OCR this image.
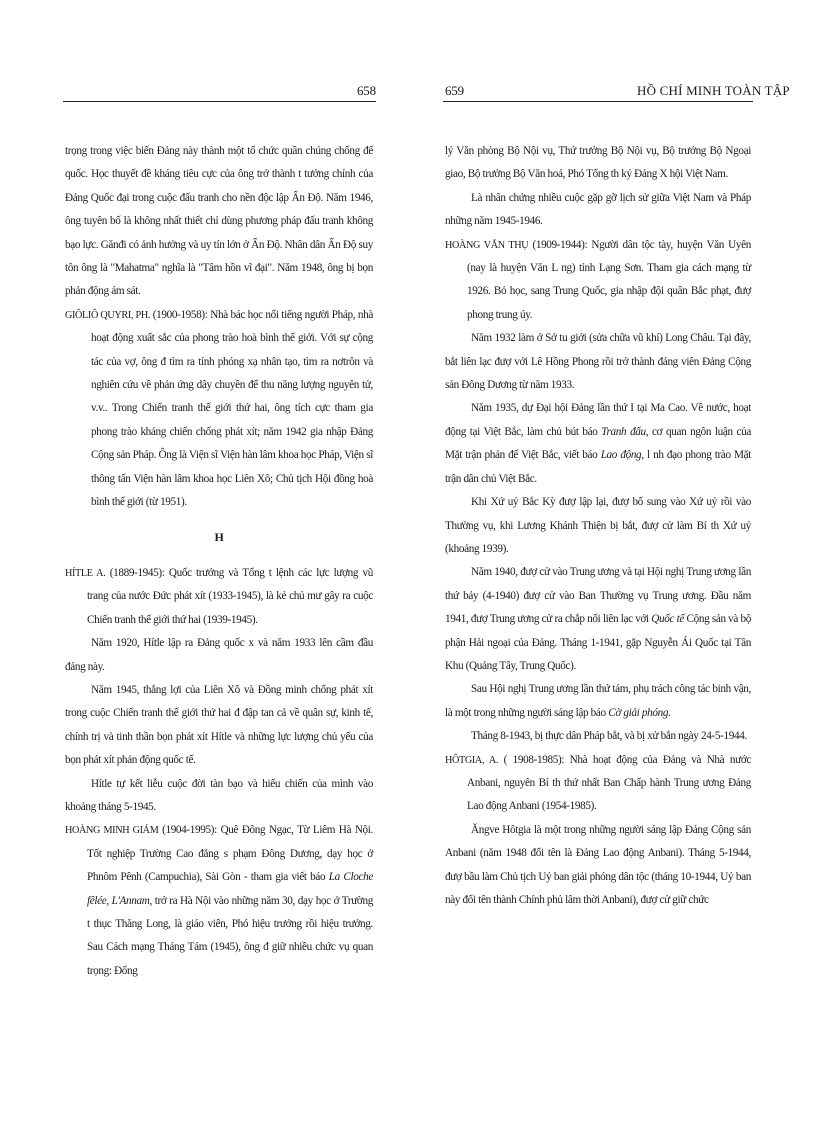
658	659	HỒ CHÍ MINH TOÀN TẬP

trọng trong việc biến Đảng này thành một tổ chức quần chúng chống đế quốc. Học thuyết đề kháng tiêu cực của ông trở thành t tưởng chính của Đảng Quốc đại trong cuộc đấu tranh cho nền độc lập Ấn Độ. Năm 1946, ông tuyên bố là không nhất thiết chỉ dùng phương pháp đấu tranh không bạo lực. Gănđi có ảnh hưởng và uy tín lớn ở Ấn Độ. Nhân dân Ấn Độ suy tôn ông là "Mahatma" nghĩa là "Tâm hồn vĩ đại". Năm 1948, ông bị bọn phản động ám sát.

GIÔLIÔ QUYRI, PH. (1900-1958): Nhà bác học nổi tiếng người Pháp, nhà hoạt động xuất sắc của phong trào hoà bình thế giới. Với sự cộng tác của vợ, ông đ tìm ra tính phóng xạ nhân tạo, tìm ra nơtrôn và nghiên cứu về phản ứng dây chuyền để thu năng lượng nguyên tử, v.v.. Trong Chiến tranh thế giới thứ hai, ông tích cực tham gia phong trào kháng chiến chống phát xít; năm 1942 gia nhập Đảng Cộng sản Pháp. Ông là Viện sĩ Viện hàn lâm khoa học Pháp, Viện sĩ thông tấn Viện hàn lâm khoa học Liên Xô; Chủ tịch Hội đồng hoà bình thế giới (từ 1951).

H

HÍTLE A. (1889-1945): Quốc trưởng và Tổng t lệnh các lực lượng vũ trang của nước Đức phát xít (1933-1945), là kẻ chủ mư gây ra cuộc Chiến tranh thế giới thứ hai (1939-1945).

Năm 1920, Hítle lập ra Đảng quốc x và năm 1933 lên cầm đầu đảng này.

Năm 1945, thắng lợi của Liên Xô và Đồng minh chống phát xít trong cuộc Chiến tranh thế giới thứ hai đ đập tan cả về quân sự, kinh tế, chính trị và tinh thần bọn phát xít Hítle và những lực lượng chủ yếu của bọn phát xít phản động quốc tế.

Hítle tự kết liễu cuộc đời tàn bạo và hiếu chiến của mình vào khoảng tháng 5-1945.

HOÀNG MINH GIÁM (1904-1995): Quê Đông Ngạc, Từ Liêm Hà Nội. Tốt nghiệp Trường Cao đẳng s phạm Đông Dương, dạy học ở Phnôm Pênh (Campuchia), Sài Gòn - tham gia viết báo La Cloche fêlée, L'Annam, trở ra Hà Nội vào những năm 30, dạy học ở Trường t thục Thăng Long, là giáo viên, Phó hiệu trưởng rồi hiệu trưởng. Sau Cách mạng Tháng Tám (1945), ông đ giữ nhiều chức vụ quan trọng: Đổng

lý Văn phòng Bộ Nội vụ, Thứ trưởng Bộ Nội vụ, Bộ trưởng Bộ Ngoại giao, Bộ trưởng Bộ Văn hoá, Phó Tổng th ký Đảng X hội Việt Nam.

Là nhân chứng nhiều cuộc gặp gỡ lịch sử giữa Việt Nam và Pháp những năm 1945-1946.

HOÀNG VĂN THỤ (1909-1944): Người dân tộc tày, huyện Văn Uyên (nay là huyện Văn L ng) tỉnh Lạng Sơn. Tham gia cách mạng từ 1926. Bỏ học, sang Trung Quốc, gia nhập đội quân Bắc phạt, đượ phong trung úy.

Năm 1932 làm ở Sở tu giới (sửa chữa vũ khí) Long Châu. Tại đây, bắt liên lạc đượ với Lê Hồng Phong rồi trở thành đảng viên Đảng Cộng sản Đông Dương từ năm 1933.

Năm 1935, dự Đại hội Đảng lần thứ I tại Ma Cao. Về nước, hoạt động tại Việt Bắc, làm chủ bút báo Tranh đấu, cơ quan ngôn luận của Mặt trận phản đế Việt Bắc, viết báo Lao động, l nh đạo phong trào Mặt trận dân chủ Việt Bắc.

Khi Xứ uỷ Bắc Kỳ đượ lập lại, đượ bổ sung vào Xứ uỷ rồi vào Thường vụ, khi Lương Khánh Thiện bị bắt, đượ cử làm Bí th Xứ uỷ (khoảng 1939).

Năm 1940, đượ cử vào Trung ương và tại Hội nghị Trung ương lần thứ bảy (4-1940) đượ cử vào Ban Thường vụ Trung ương. Đầu năm 1941, đượ Trung ương cử ra chắp nối liên lạc với Quốc tế Cộng sản và bộ phận Hải ngoại của Đảng. Tháng 1-1941, gặp Nguyễn Ái Quốc tại Tân Khu (Quảng Tây, Trung Quốc).

Sau Hội nghị Trung ương lần thứ tám, phụ trách công tác binh vận, là một trong những người sáng lập báo Cờ giải phóng.

Tháng 8-1943, bị thực dân Pháp bắt, và bị xử bắn ngày 24-5-1944.

HÔTGIA, A. ( 1908-1985): Nhà hoạt động của Đảng và Nhà nước Anbani, nguyên Bí th thứ nhất Ban Chấp hành Trung ương Đảng Lao động Anbani (1954-1985).

Ăngve Hôtgia là một trong những người sáng lập Đảng Cộng sản Anbani (năm 1948 đổi tên là Đảng Lao động Anbani). Tháng 5-1944, đượ bầu làm Chủ tịch Uỷ ban giải phóng dân tộc (tháng 10-1944, Uỷ ban này đổi tên thành Chính phủ lâm thời Anbani), đượ cử giữ chức
